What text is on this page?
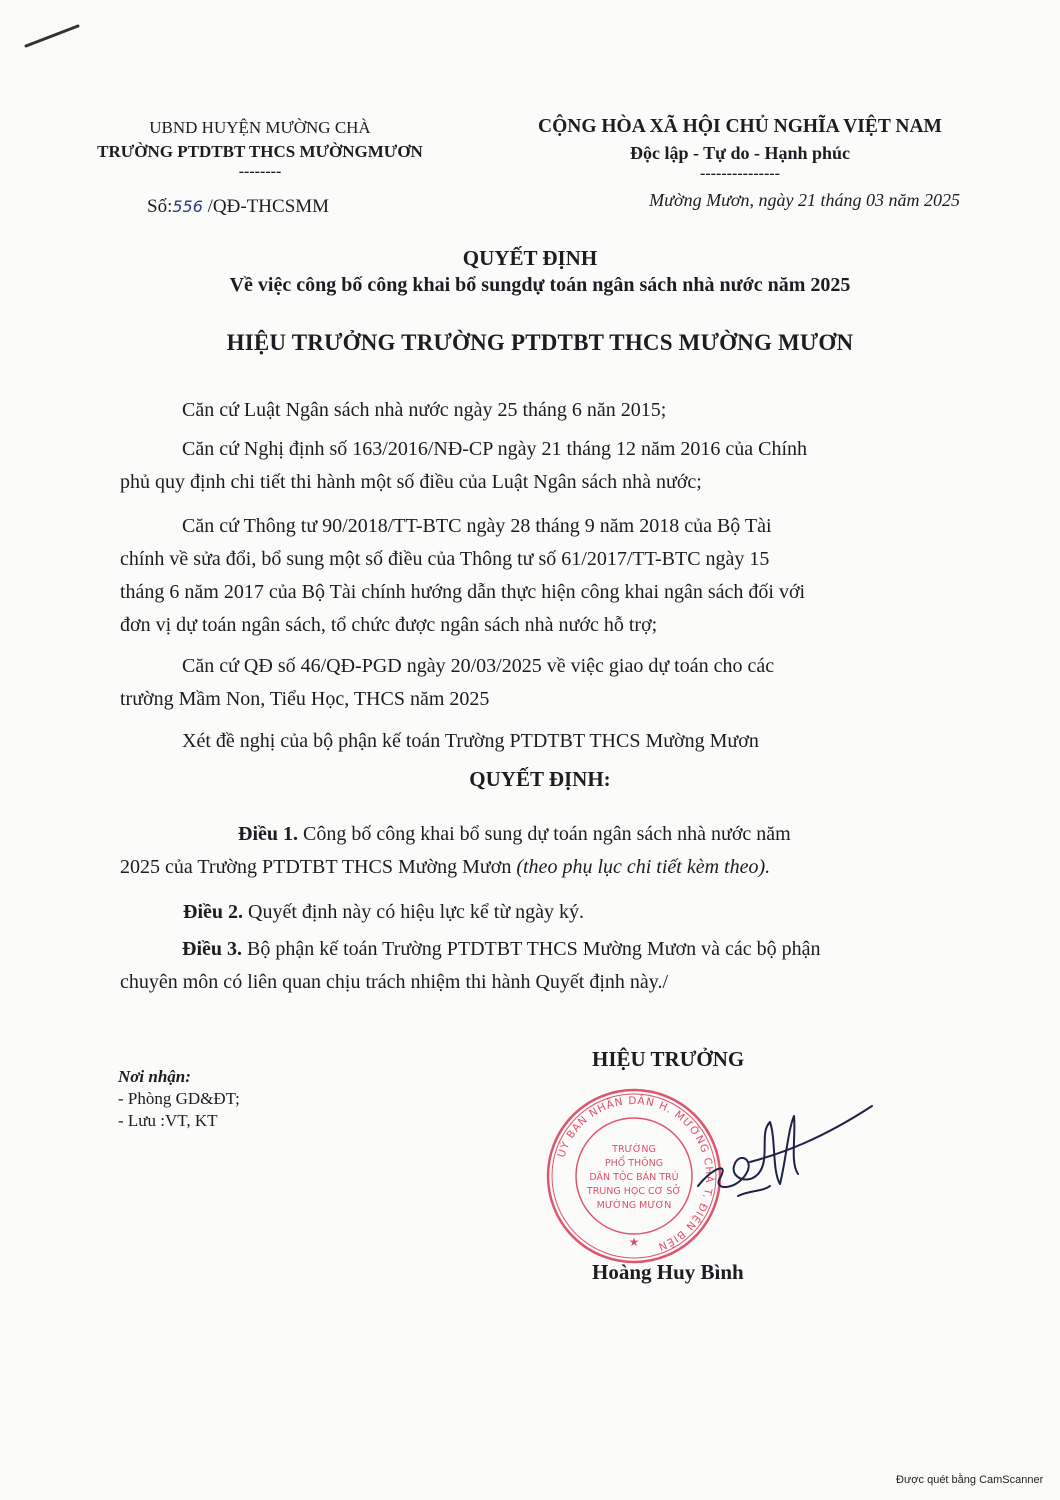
UBND HUYỆN MƯỜNG CHÀ
TRƯỜNG PTDTBT THCS MƯỜNGMƯƠN
--------
CỘNG HÒA XÃ HỘI CHỦ NGHĨA VIỆT NAM
Độc lập - Tự do - Hạnh phúc
---------------
Số:556 /QĐ-THCSMM	Mường Mươn, ngày 21 tháng 03 năm 2025
QUYẾT ĐỊNH
Về việc công bố công khai bổ sungdự toán ngân sách nhà nước năm 2025
HIỆU TRƯỞNG TRƯỜNG PTDTBT THCS MƯỜNG MƯƠN
Căn cứ Luật Ngân sách nhà nước ngày 25 tháng 6 năn 2015;
Căn cứ Nghị định số 163/2016/NĐ-CP ngày 21 tháng 12 năm 2016 của Chính
phủ quy định chi tiết thi hành một số điều của Luật Ngân sách nhà nước;
Căn cứ Thông tư 90/2018/TT-BTC ngày 28 tháng 9 năm 2018 của Bộ Tài
chính về sửa đổi, bổ sung một số điều của Thông tư số 61/2017/TT-BTC ngày 15
tháng 6 năm 2017 của Bộ Tài chính hướng dẫn thực hiện công khai ngân sách đối với
đơn vị dự toán ngân sách, tổ chức được ngân sách nhà nước hỗ trợ;
Căn cứ QĐ số 46/QĐ-PGD ngày 20/03/2025 về việc giao dự toán cho các
trường Mầm Non, Tiểu Học, THCS năm 2025
Xét đề nghị của bộ phận kế toán Trường PTDTBT THCS Mường Mươn
QUYẾT ĐỊNH:
Điều 1. Công bố công khai bổ sung dự toán ngân sách nhà nước năm
2025 của Trường PTDTBT THCS Mường Mươn (theo phụ lục chi tiết kèm theo).
Điều 2. Quyết định này có hiệu lực kể từ ngày ký.
Điều 3. Bộ phận kế toán Trường PTDTBT THCS Mường Mươn và các bộ phận
chuyên môn có liên quan chịu trách nhiệm thi hành Quyết định này./
Nơi nhận:
- Phòng GD&ĐT;
- Lưu :VT, KT
HIỆU TRƯỞNG
UỶ BAN NHÂN DÂN H. MƯỜNG CHÀ T. ĐIỆN BIÊN
TRƯỜNG
PHỔ THÔNG
DÂN TỘC BÁN TRÚ
TRUNG HỌC CƠ SỞ
MƯỜNG MƯƠN
★
Hoàng Huy Bình
Được quét bằng CamScanner
